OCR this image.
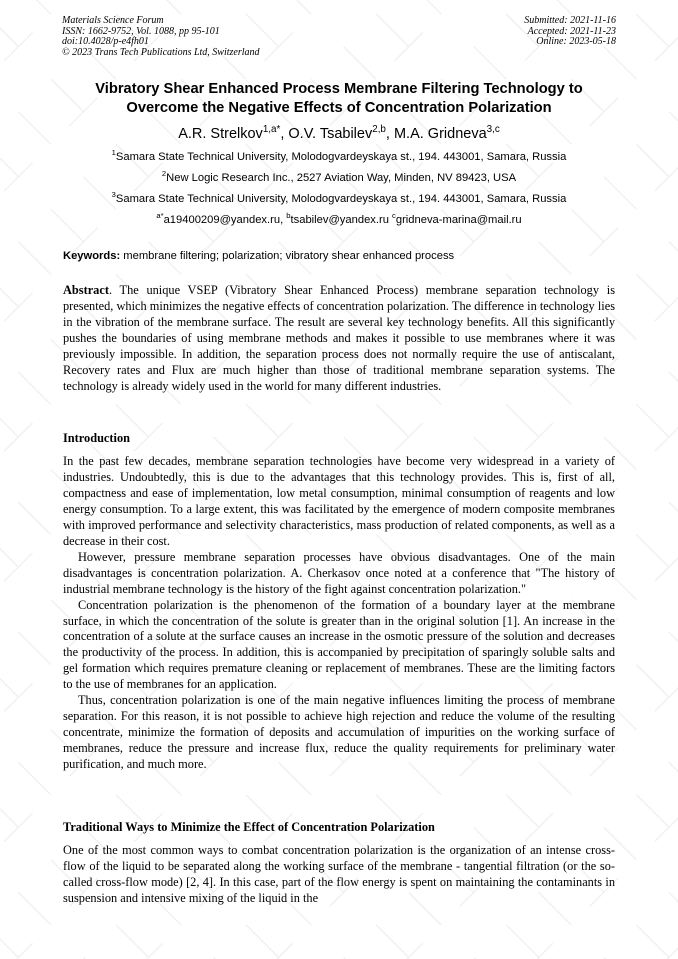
Materials Science Forum
ISSN: 1662-9752, Vol. 1088, pp 95-101
doi:10.4028/p-e4fh01
© 2023 Trans Tech Publications Ltd, Switzerland
Submitted: 2021-11-16
Accepted: 2021-11-23
Online: 2023-05-18
Vibratory Shear Enhanced Process Membrane Filtering Technology to
Overcome the Negative Effects of Concentration Polarization
A.R. Strelkov$^{1,a*}$, O.V. Tsabilev$^{2,b}$, M.A. Gridneva$^{3,c}$
$^1$Samara State Technical University, Molodogvardeyskaya st., 194. 443001, Samara, Russia
$^2$New Logic Research Inc., 2527 Aviation Way, Minden, NV 89423, USA
$^3$Samara State Technical University, Molodogvardeyskaya st., 194. 443001, Samara, Russia
$^{a*}$a19400209@yandex.ru, $^b$tsabilev@yandex.ru $^c$gridneva-marina@mail.ru
Keywords: membrane filtering; polarization; vibratory shear enhanced process

Abstract. The unique VSEP (Vibratory Shear Enhanced Process) membrane separation technology is presented, which minimizes the negative effects of concentration polarization. The difference in technology lies in the vibration of the membrane surface. The result are several key technology benefits. All this significantly pushes the boundaries of using membrane methods and makes it possible to use membranes where it was previously impossible. In addition, the separation process does not normally require the use of antiscalant, Recovery rates and Flux are much higher than those of traditional membrane separation systems. The technology is already widely used in the world for many different industries.

Introduction

In the past few decades, membrane separation technologies have become very widespread in a variety of industries. Undoubtedly, this is due to the advantages that this technology provides. This is, first of all, compactness and ease of implementation, low metal consumption, minimal consumption of reagents and low energy consumption. To a large extent, this was facilitated by the emergence of modern composite membranes with improved performance and selectivity characteristics, mass production of related components, as well as a decrease in their cost.

However, pressure membrane separation processes have obvious disadvantages. One of the main disadvantages is concentration polarization. A. Cherkasov once noted at a conference that "The history of industrial membrane technology is the history of the fight against concentration polarization."

Concentration polarization is the phenomenon of the formation of a boundary layer at the membrane surface, in which the concentration of the solute is greater than in the original solution [1]. An increase in the concentration of a solute at the surface causes an increase in the osmotic pressure of the solution and decreases the productivity of the process. In addition, this is accompanied by precipitation of sparingly soluble salts and gel formation which requires premature cleaning or replacement of membranes. These are the limiting factors to the use of membranes for an application.

Thus, concentration polarization is one of the main negative influences limiting the process of membrane separation. For this reason, it is not possible to achieve high rejection and reduce the volume of the resulting concentrate, minimize the formation of deposits and accumulation of impurities on the working surface of membranes, reduce the pressure and increase flux, reduce the quality requirements for preliminary water purification, and much more.

Traditional Ways to Minimize the Effect of Concentration Polarization

One of the most common ways to combat concentration polarization is the organization of an intense cross-flow of the liquid to be separated along the working surface of the membrane - tangential filtration (or the so-called cross-flow mode) [2, 4]. In this case, part of the flow energy is spent on maintaining the contaminants in suspension and intensive mixing of the liquid in the
